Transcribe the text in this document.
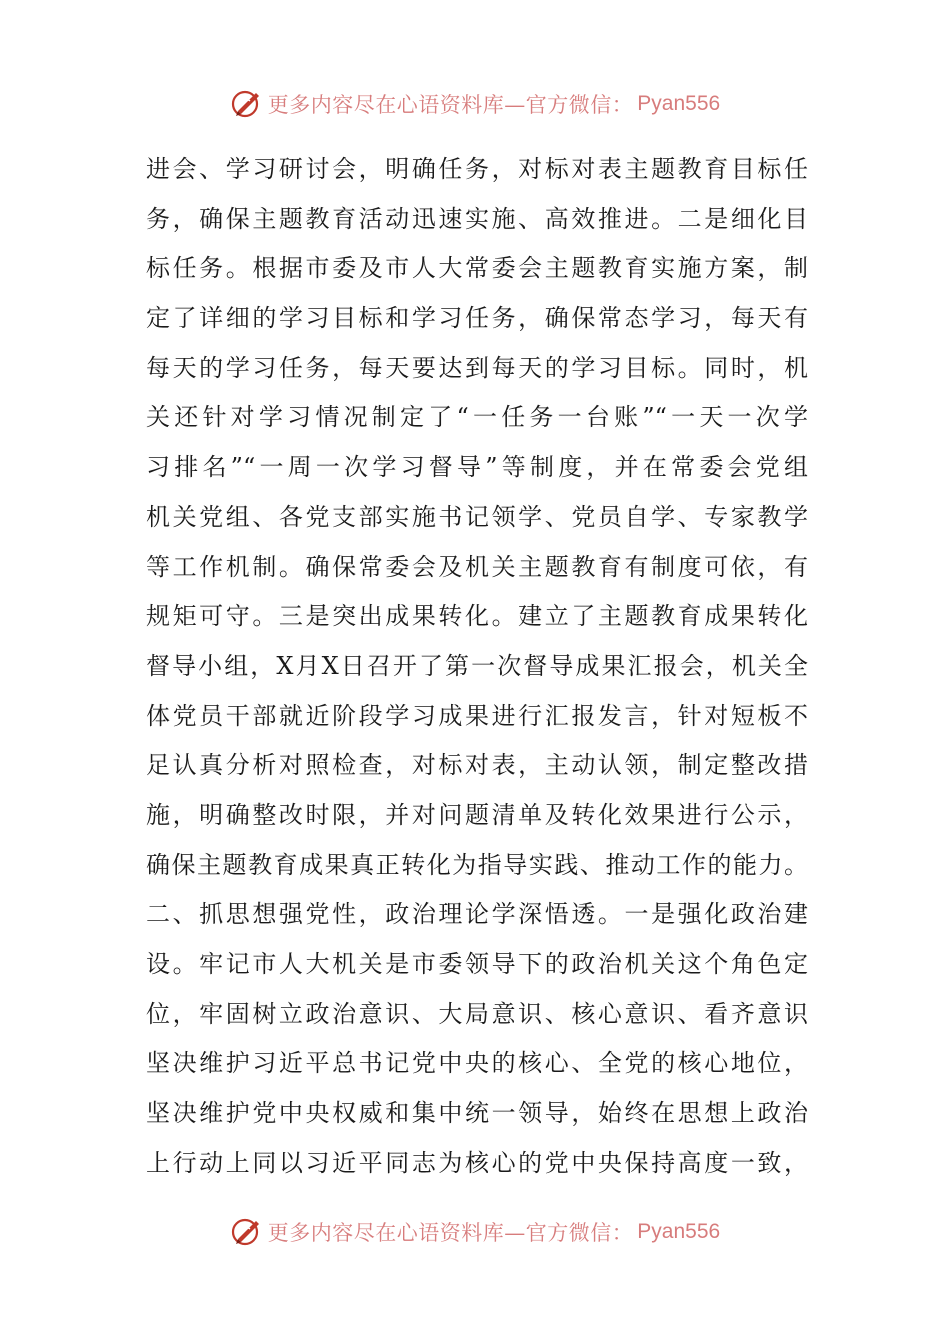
更多内容尽在心语资料库—官方微信： Pyan556
进会、学习研讨会，明确任务，对标对表主题教育目标任
务，确保主题教育活动迅速实施、高效推进。二是细化目
标任务。根据市委及市人大常委会主题教育实施方案，制
定了详细的学习目标和学习任务，确保常态学习，每天有
每天的学习任务，每天要达到每天的学习目标。同时，机
关还针对学习情况制定了“一任务一台账”“一天一次学
习排名”“一周一次学习督导”等制度，并在常委会党组
机关党组、各党支部实施书记领学、党员自学、专家教学
等工作机制。确保常委会及机关主题教育有制度可依，有
规矩可守。三是突出成果转化。建立了主题教育成果转化
督导小组，X月X日召开了第一次督导成果汇报会，机关全
体党员干部就近阶段学习成果进行汇报发言，针对短板不
足认真分析对照检查，对标对表，主动认领，制定整改措
施，明确整改时限，并对问题清单及转化效果进行公示，
确保主题教育成果真正转化为指导实践、推动工作的能力。
二、抓思想强党性，政治理论学深悟透。一是强化政治建
设。牢记市人大机关是市委领导下的政治机关这个角色定
位，牢固树立政治意识、大局意识、核心意识、看齐意识
坚决维护习近平总书记党中央的核心、全党的核心地位，
坚决维护党中央权威和集中统一领导，始终在思想上政治
上行动上同以习近平同志为核心的党中央保持高度一致，
更多内容尽在心语资料库—官方微信： Pyan556
